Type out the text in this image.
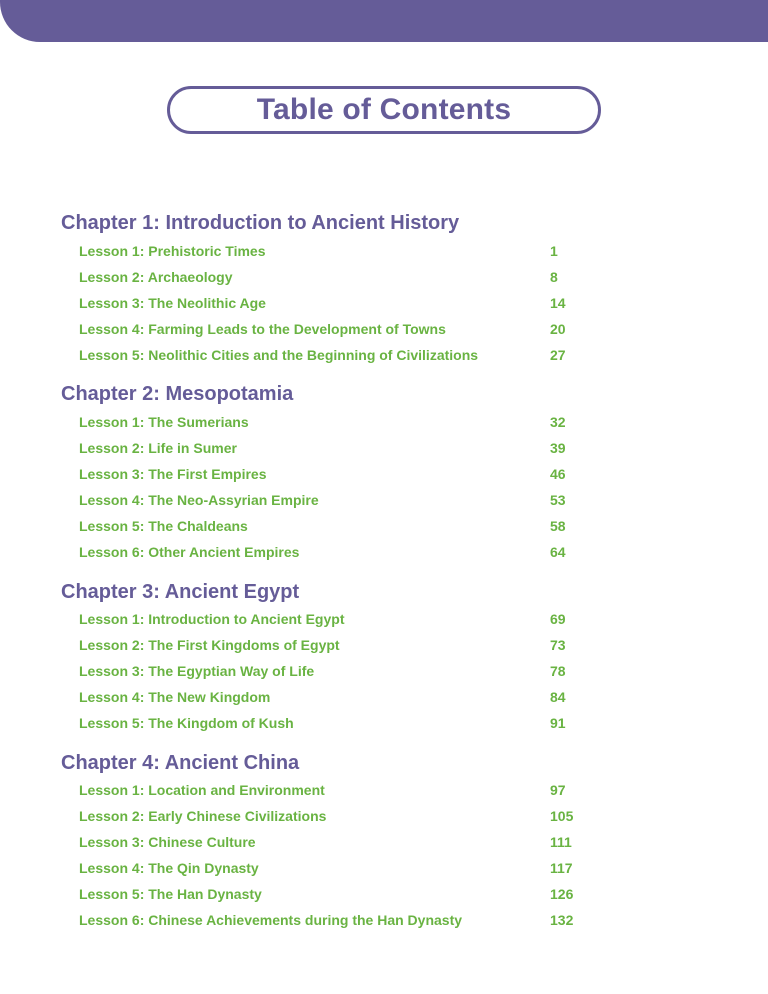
Table of Contents
Chapter 1: Introduction to Ancient History
Lesson 1: Prehistoric Times	1
Lesson 2: Archaeology	8
Lesson 3: The Neolithic Age	14
Lesson 4: Farming Leads to the Development of Towns	20
Lesson 5: Neolithic Cities and the Beginning of Civilizations	27
Chapter 2: Mesopotamia
Lesson 1: The Sumerians	32
Lesson 2: Life in Sumer	39
Lesson 3: The First Empires	46
Lesson 4: The Neo-Assyrian Empire	53
Lesson 5: The Chaldeans	58
Lesson 6: Other Ancient Empires	64
Chapter 3: Ancient Egypt
Lesson 1: Introduction to Ancient Egypt	69
Lesson 2: The First Kingdoms of Egypt	73
Lesson 3: The Egyptian Way of Life	78
Lesson 4: The New Kingdom	84
Lesson 5: The Kingdom of Kush	91
Chapter 4: Ancient China
Lesson 1: Location and Environment	97
Lesson 2: Early Chinese Civilizations	105
Lesson 3: Chinese Culture	111
Lesson 4: The Qin Dynasty	117
Lesson 5: The Han Dynasty	126
Lesson 6: Chinese Achievements during the Han Dynasty	132
